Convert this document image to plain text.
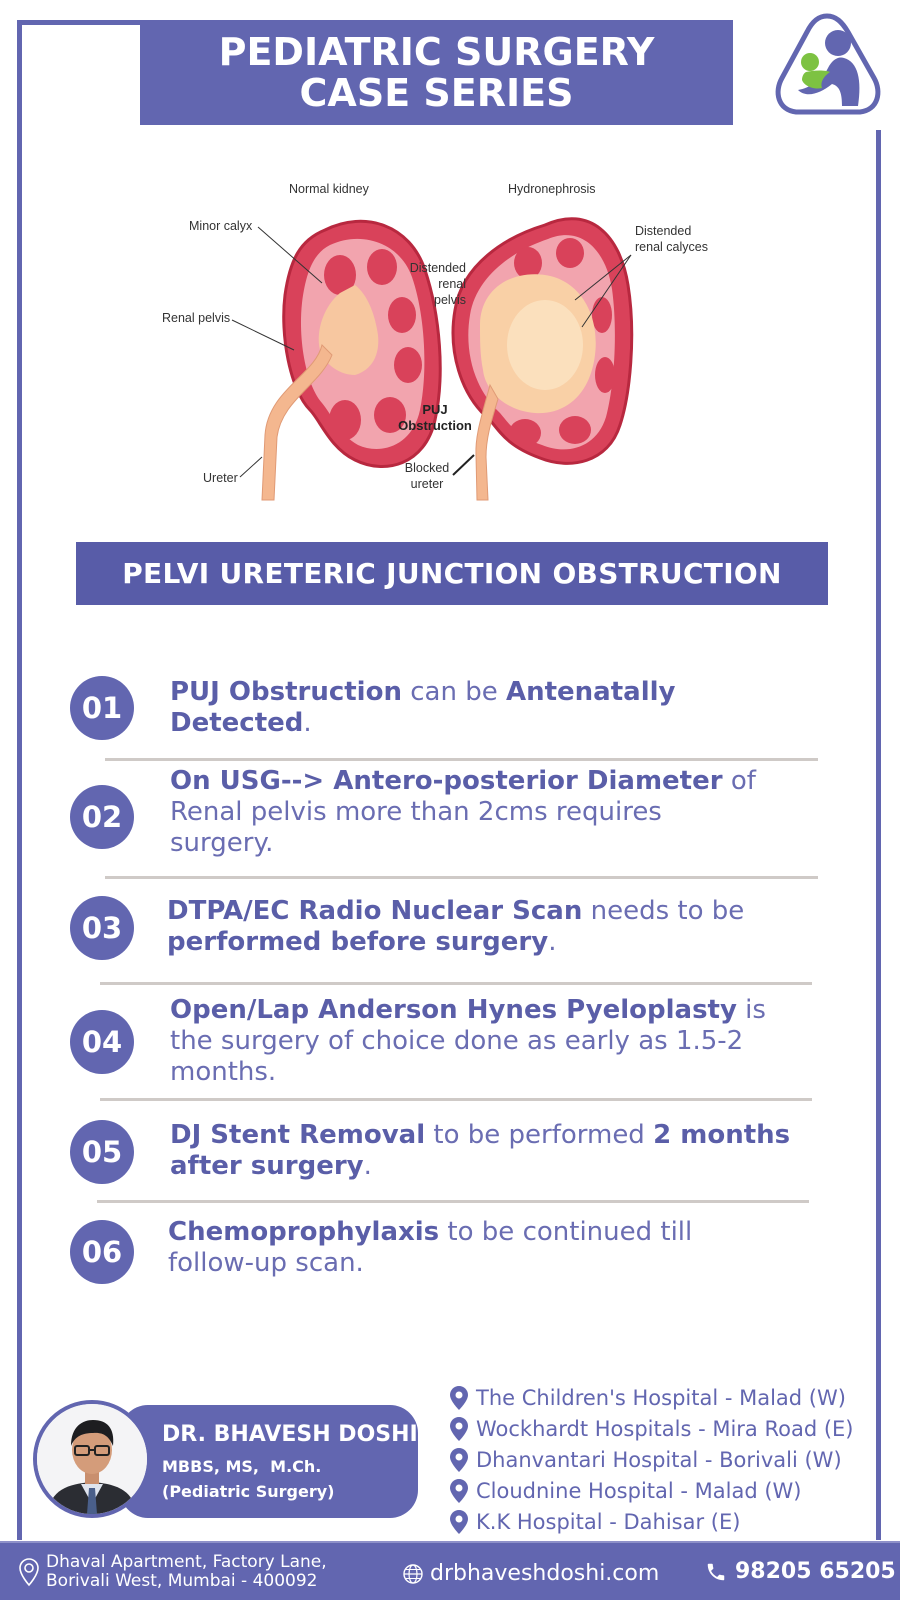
PEDIATRIC SURGERY
CASE SERIES
Normal kidney	Hydronephrosis
Minor calyx
Renal pelvis
Ureter
Distended
renal
pelvis
Distended
renal calyces
PUJ
Obstruction
Blocked
ureter
PELVI URETERIC JUNCTION OBSTRUCTION
01	PUJ Obstruction can be Antenatally
Detected.
02
On USG--> Antero-posterior Diameter of
Renal pelvis more than 2cms requires
surgery.
03	DTPA/EC Radio Nuclear Scan needs to be
performed before surgery.
04
Open/Lap Anderson Hynes Pyeloplasty is
the surgery of choice done as early as 1.5-2
months.
05	DJ Stent Removal to be performed 2 months
after surgery.
06
Chemoprophylaxis to be continued till
follow-up scan.
DR. BHAVESH DOSHI
MBBS, MS,  M.Ch.
(Pediatric Surgery)
The Children's Hospital - Malad (W)
Wockhardt Hospitals - Mira Road (E)
Dhanvantari Hospital - Borivali (W)
Cloudnine Hospital - Malad (W)
K.K Hospital - Dahisar (E)
Dhaval Apartment, Factory Lane,
Borivali West, Mumbai - 400092	drbhaveshdoshi.com	98205 65205
